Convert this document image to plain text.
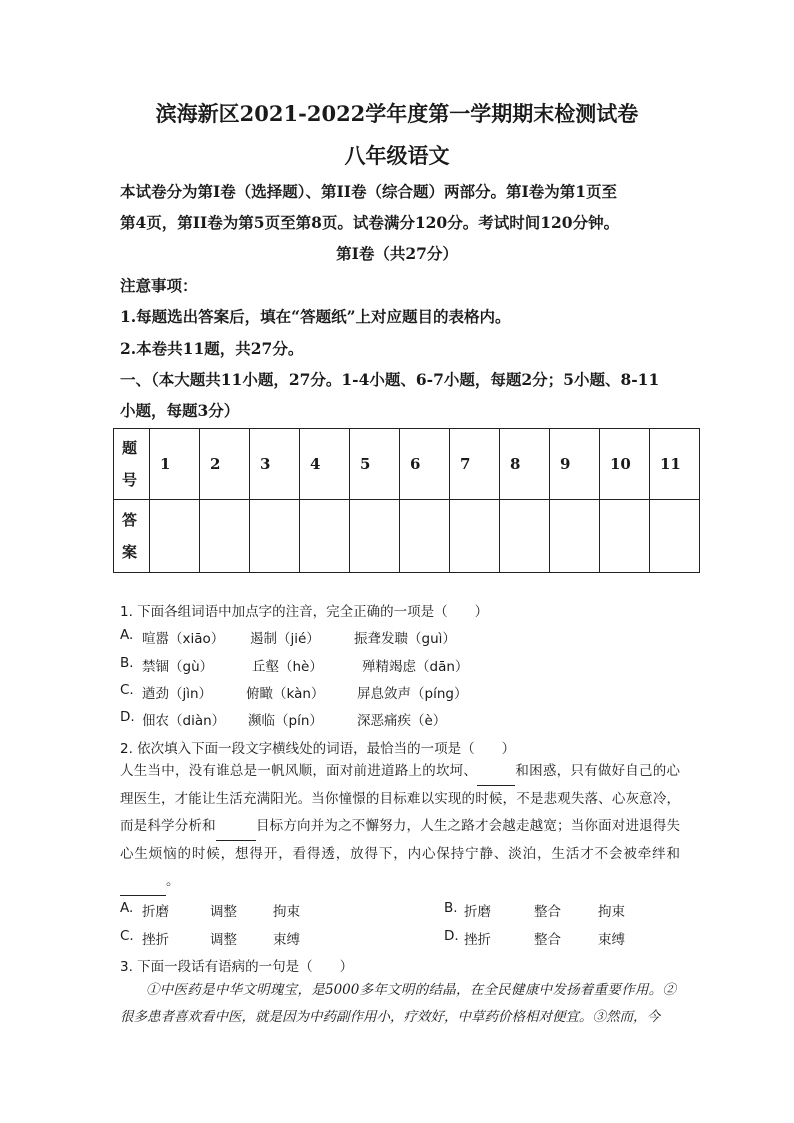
滨海新区2021-2022学年度第一学期期末检测试卷
八年级语文
本试卷分为第Ⅰ卷（选择题）、第II卷（综合题）两部分。第Ⅰ卷为第1页至
第4页，第II卷为第5页至第8页。试卷满分120分。考试时间120分钟。
第Ⅰ卷（共27分）
注意事项：
1.每题选出答案后，填在“答题纸”上对应题目的表格内。
2.本卷共11题，共27分。
一、（本大题共11小题，27分。1-4小题、6-7小题，每题2分；5小题、8-11
小题，每题3分）
题
号	1	2	3	4	5	6	7	8	9	10	11
答
案											
1. 下面各组词语中加点字的注音，完全正确的一项是（　　）
A. 喧嚣（xiāo） 遏制（jié）	振聋发聩（guì）
B. 禁锢（gù）	丘壑（hè）	殚精竭虑（dān）
C. 遒劲（jìn）	俯瞰（kàn） 屏息敛声（píng）
D. 佃农（diàn） 濒临（pín）	深恶痛疾（è）
2. 依次填入下面一段文字横线处的词语，最恰当的一项是（　　）
人生当中，没有谁总是一帆风顺，面对前进道路上的坎坷、	和困惑，只有做好自己的心理医生，才能让生活充满阳光。当你憧憬的目标难以实现的时候，不是悲观失落、心灰意冷，而是科学分析和	目标方向并为之不懈努力，人生之路才会越走越宽；当你面对进退得失心生烦恼的时候，想得开，看得透，放得下，内心保持宁静、淡泊，生活才不会被牵绊和 。
A. 折磨	调整	拘束	B. 折磨	整合	拘束
C. 挫折	调整	束缚	D. 挫折	整合	束缚
3. 下面一段话有语病的一句是（　　）
①中医药是中华文明瑰宝，是5000多年文明的结晶，在全民健康中发扬着重要作用。②很多患者喜欢看中医，就是因为中药副作用小，疗效好，中草药价格相对便宜。③然而，今
